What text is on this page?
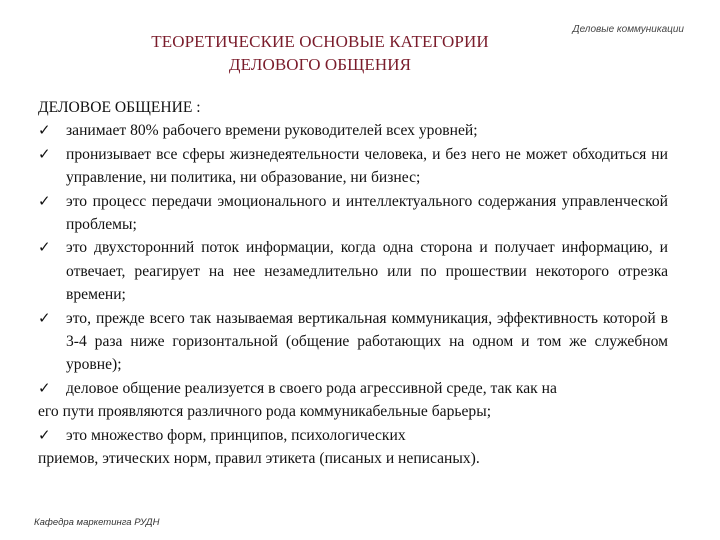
Деловые коммуникации
ТЕОРЕТИЧЕСКИЕ ОСНОВЫЕ КАТЕГОРИИ
ДЕЛОВОГО ОБЩЕНИЯ

ДЕЛОВОЕ ОБЩЕНИЕ :

✓ занимает 80% рабочего времени руководителей всех уровней;
✓ пронизывает все сферы жизнедеятельности человека, и без него не может обходиться ни управление, ни политика, ни образование, ни бизнес;
✓ это процесс передачи эмоционального и интеллектуального содержания управленческой проблемы;
✓ это двухсторонний поток информации, когда одна сторона и получает информацию, и отвечает, реагирует на нее незамедлительно или по прошествии некоторого отрезка времени;
✓ это, прежде всего так называемая вертикальная коммуникация, эффективность которой в 3-4 раза ниже горизонтальной (общение работающих на одном и том же служебном уровне);
✓ деловое общение реализуется в своего рода агрессивной среде, так как на

его пути проявляются различного рода коммуникабельные барьеры;

✓ это множество форм, принципов, психологических

приемов, этических норм, правил этикета (писаных и неписаных).

Кафедра маркетинга РУДН
